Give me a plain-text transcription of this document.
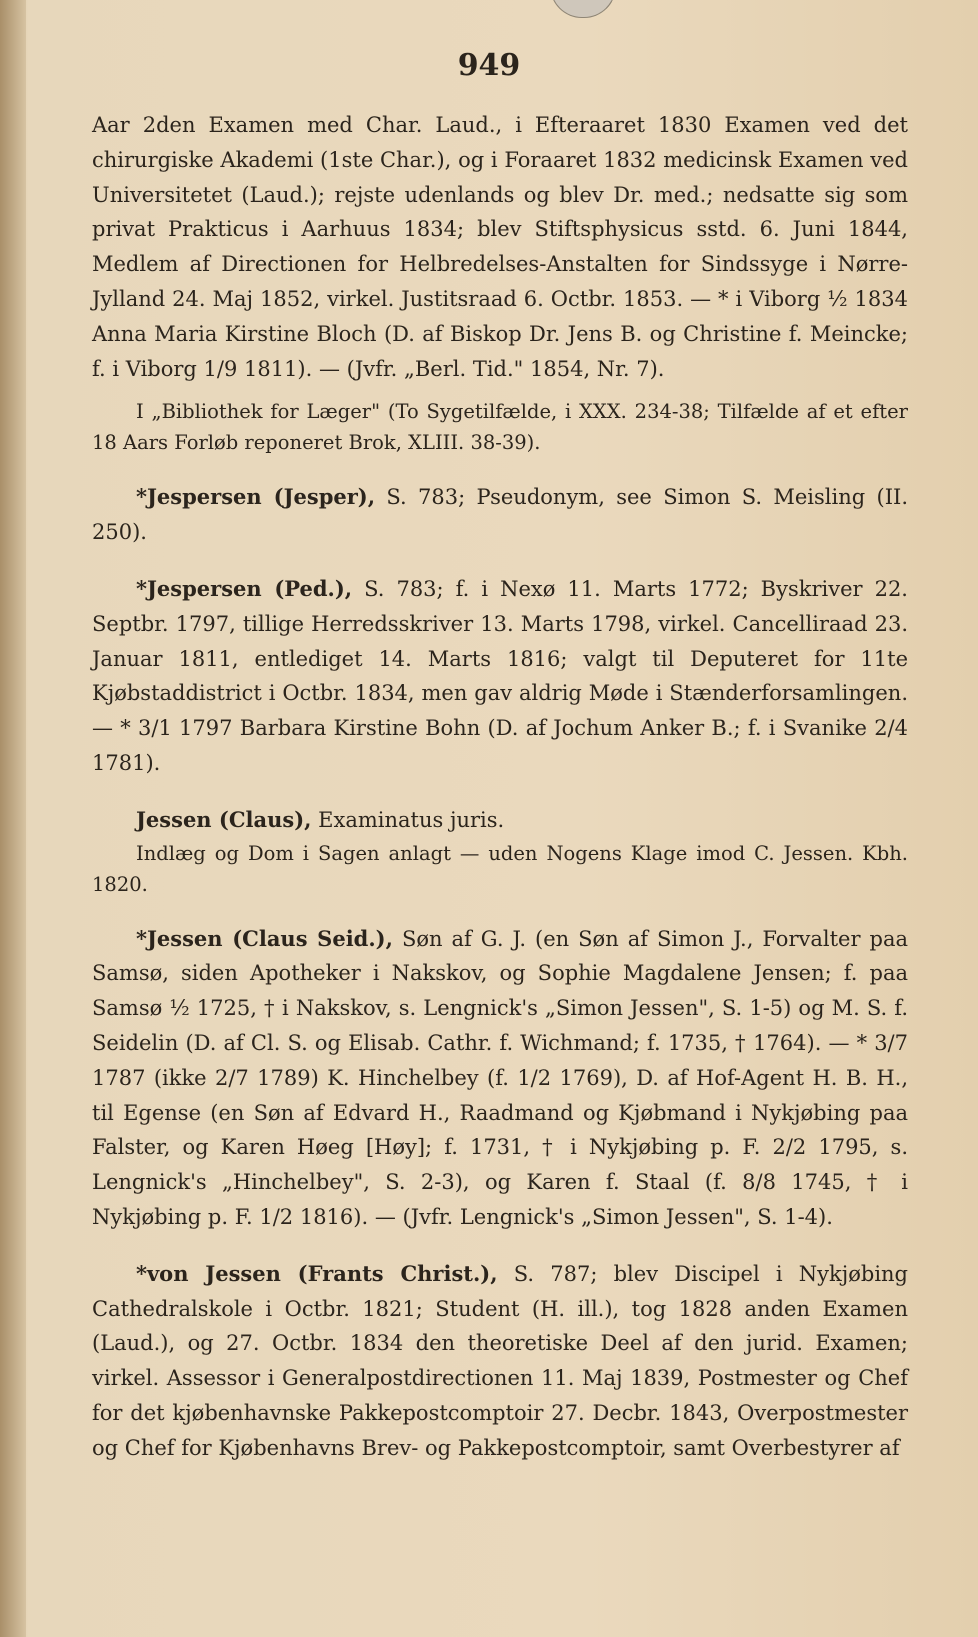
949

Aar 2den Examen med Char. Laud., i Efteraaret 1830 Examen ved det chirurgiske Akademi (1ste Char.), og i Foraaret 1832 medicinsk Examen ved Universitetet (Laud.); rejste udenlands og blev Dr. med.; nedsatte sig som privat Prakticus i Aarhuus 1834; blev Stiftsphysicus sstd. 6. Juni 1844, Medlem af Directionen for Helbredelses-Anstalten for Sindssyge i Nørre-Jylland 24. Maj 1852, virkel. Justitsraad 6. Octbr. 1853. — * i Viborg ½ 1834 Anna Maria Kirstine Bloch (D. af Biskop Dr. Jens B. og Christine f. Meincke; f. i Viborg 1/9 1811). — (Jvfr. „Berl. Tid." 1854, Nr. 7).

I „Bibliothek for Læger" (To Sygetilfælde, i XXX. 234-38; Tilfælde af et efter 18 Aars Forløb reponeret Brok, XLIII. 38-39).

*Jespersen (Jesper), S. 783; Pseudonym, see Simon S. Meisling (II. 250).

*Jespersen (Ped.), S. 783; f. i Nexø 11. Marts 1772; Byskriver 22. Septbr. 1797, tillige Herredsskriver 13. Marts 1798, virkel. Cancelliraad 23. Januar 1811, entlediget 14. Marts 1816; valgt til Deputeret for 11te Kjøbstaddistrict i Octbr. 1834, men gav aldrig Møde i Stænderforsamlingen. — * 3/1 1797 Barbara Kirstine Bohn (D. af Jochum Anker B.; f. i Svanike 2/4 1781).

Jessen (Claus), Examinatus juris.

Indlæg og Dom i Sagen anlagt — uden Nogens Klage imod C. Jessen. Kbh. 1820.

*Jessen (Claus Seid.), Søn af G. J. (en Søn af Simon J., Forvalter paa Samsø, siden Apotheker i Nakskov, og Sophie Magdalene Jensen; f. paa Samsø ½ 1725, † i Nakskov, s. Lengnick's „Simon Jessen", S. 1-5) og M. S. f. Seidelin (D. af Cl. S. og Elisab. Cathr. f. Wichmand; f. 1735, † 1764). — * 3/7 1787 (ikke 2/7 1789) K. Hinchelbey (f. 1/2 1769), D. af Hof-Agent H. B. H., til Egense (en Søn af Edvard H., Raadmand og Kjøbmand i Nykjøbing paa Falster, og Karen Høeg [Høy]; f. 1731, † i Nykjøbing p. F. 2/2 1795, s. Lengnick's „Hinchelbey", S. 2-3), og Karen f. Staal (f. 8/8 1745, † i Nykjøbing p. F. 1/2 1816). — (Jvfr. Lengnick's „Simon Jessen", S. 1-4).

*von Jessen (Frants Christ.), S. 787; blev Discipel i Nykjøbing Cathedralskole i Octbr. 1821; Student (H. ill.), tog 1828 anden Examen (Laud.), og 27. Octbr. 1834 den theoretiske Deel af den jurid. Examen; virkel. Assessor i Generalpostdirectionen 11. Maj 1839, Postmester og Chef for det kjøbenhavnske Pakkepostcomptoir 27. Decbr. 1843, Overpostmester og Chef for Kjøbenhavns Brev- og Pakkepostcomptoir, samt Overbestyrer af
